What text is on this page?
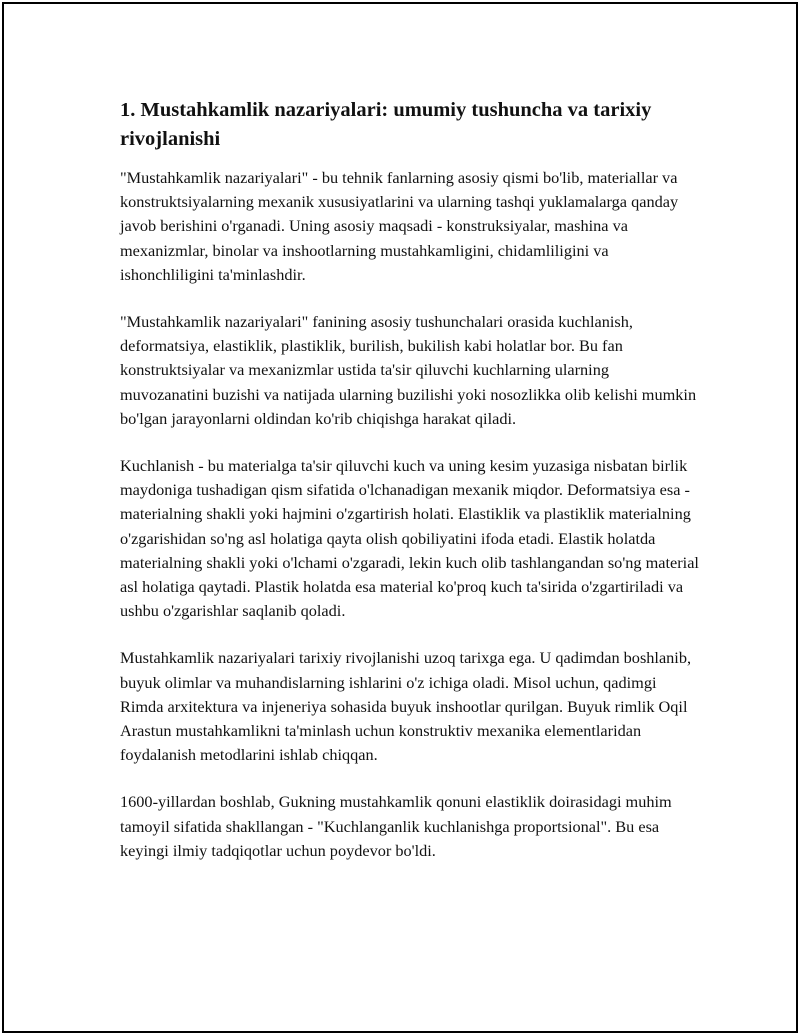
1. Mustahkamlik nazariyalari: umumiy tushuncha va tarixiy rivojlanishi

"Mustahkamlik nazariyalari" - bu tehnik fanlarning asosiy qismi bo'lib, materiallar va konstruktsiyalarning mexanik xususiyatlarini va ularning tashqi yuklamalarga qanday javob berishini o'rganadi. Uning asosiy maqsadi - konstruksiyalar, mashina va mexanizmlar, binolar va inshootlarning mustahkamligini, chidamliligini va ishonchliligini ta'minlashdir.

"Mustahkamlik nazariyalari" fanining asosiy tushunchalari orasida kuchlanish, deformatsiya, elastiklik, plastiklik, burilish, bukilish kabi holatlar bor. Bu fan konstruktsiyalar va mexanizmlar ustida ta'sir qiluvchi kuchlarning ularning muvozanatini buzishi va natijada ularning buzilishi yoki nosozlikka olib kelishi mumkin bo'lgan jarayonlarni oldindan ko'rib chiqishga harakat qiladi.

Kuchlanish - bu materialga ta'sir qiluvchi kuch va uning kesim yuzasiga nisbatan birlik maydoniga tushadigan qism sifatida o'lchanadigan mexanik miqdor. Deformatsiya esa - materialning shakli yoki hajmini o'zgartirish holati. Elastiklik va plastiklik materialning o'zgarishidan so'ng asl holatiga qayta olish qobiliyatini ifoda etadi. Elastik holatda materialning shakli yoki o'lchami o'zgaradi, lekin kuch olib tashlangandan so'ng material asl holatiga qaytadi. Plastik holatda esa material ko'proq kuch ta'sirida o'zgartiriladi va ushbu o'zgarishlar saqlanib qoladi.

Mustahkamlik nazariyalari tarixiy rivojlanishi uzoq tarixga ega. U qadimdan boshlanib, buyuk olimlar va muhandislarning ishlarini o'z ichiga oladi. Misol uchun, qadimgi Rimda arxitektura va injeneriya sohasida buyuk inshootlar qurilgan. Buyuk rimlik Oqil Arastun mustahkamlikni ta'minlash uchun konstruktiv mexanika elementlaridan foydalanish metodlarini ishlab chiqqan.

1600-yillardan boshlab, Gukning mustahkamlik qonuni elastiklik doirasidagi muhim tamoyil sifatida shakllangan - "Kuchlanganlik kuchlanishga proportsional". Bu esa keyingi ilmiy tadqiqotlar uchun poydevor bo'ldi.
